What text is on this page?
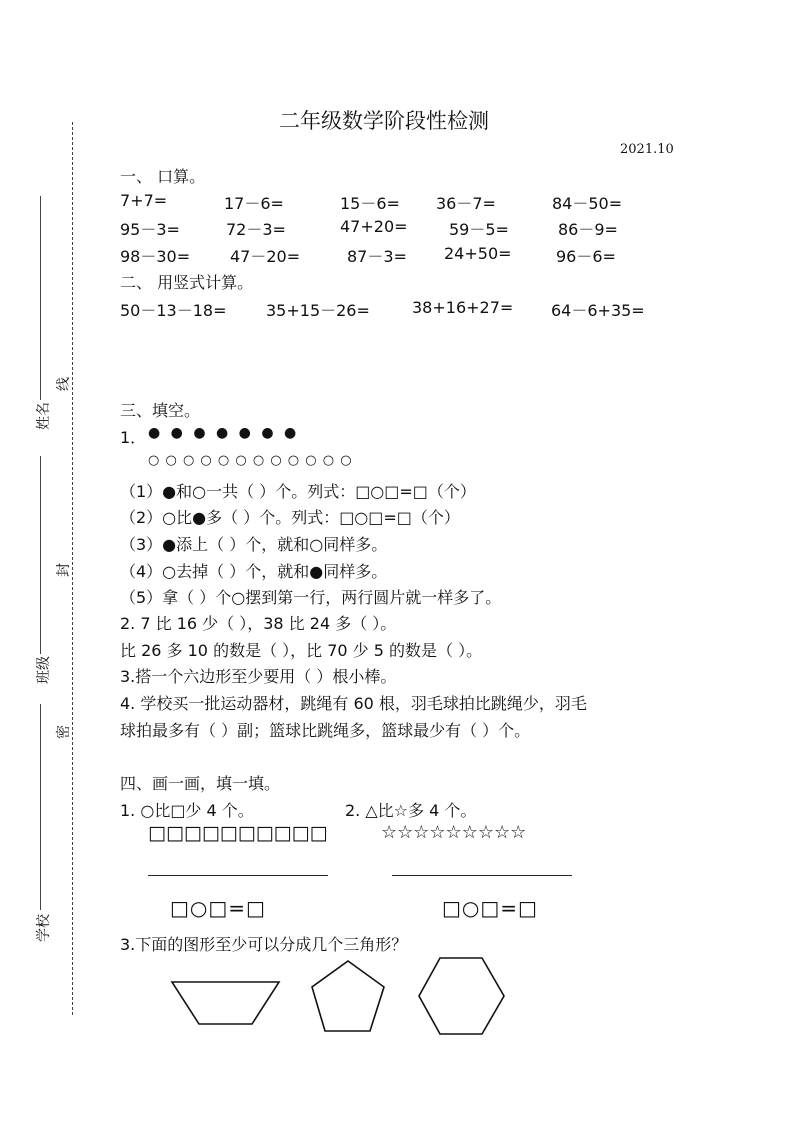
线
封
密
姓名
班级
学校
二年级数学阶段性检测
2021.10
一、 口算。
7+7=	17－6=	15－6= 36－7=	84－50=
95－3=	72－3=	47+20=	59－5=	86－9=
98－30= 47－20=	87－3= 24+50=	96－6=
二、 用竖式计算。
50－13－18= 35+15－26=	38+16+27= 64－6+35=
三、填空。
1． ● ● ● ● ● ● ●
○ ○ ○ ○ ○ ○ ○ ○ ○ ○ ○ ○
（1）●和○一共（ ）个。列式：□○□=□（个）
（2）○比●多（ ）个。列式：□○□=□（个）
（3）●添上（ ）个，就和○同样多。
（4）○去掉（ ）个，就和●同样多。
（5）拿（ ）个○摆到第一行，两行圆片就一样多了。
2. 7 比 16 少（ ），38 比 24 多（ ）。
比 26 多 10 的数是（ ），比 70 少 5 的数是（ ）。
3.搭一个六边形至少要用（ ）根小棒。
4. 学校买一批运动器材，跳绳有 60 根，羽毛球拍比跳绳少，羽毛
球拍最多有（ ）副；篮球比跳绳多，篮球最少有（ ）个。
四、画一画，填一填。
1. ○比□少 4 个。	2. △比☆多 4 个。
□□□□□□□□□□	☆☆☆☆☆☆☆☆☆
□○□=□	□○□=□
3.下面的图形至少可以分成几个三角形？
